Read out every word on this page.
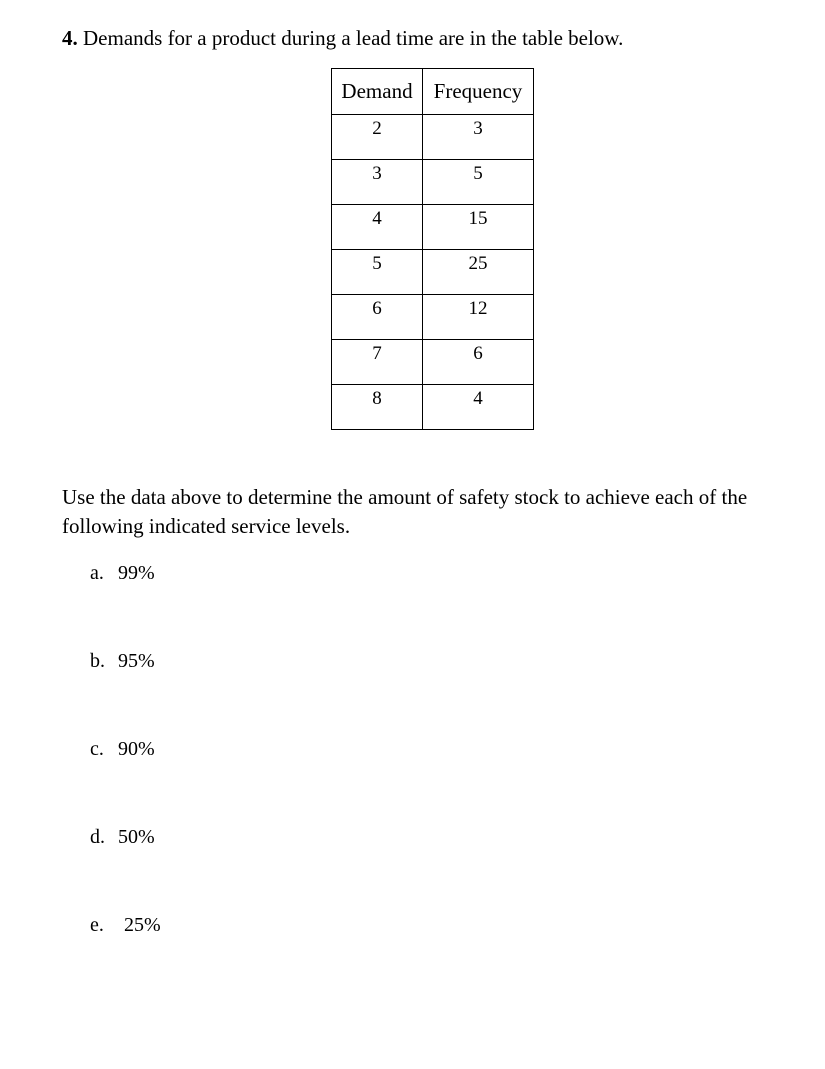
4. Demands for a product during a lead time are in the table below.
Demand	Frequency
2	3
3	5
4	15
5	25
6	12
7	6
8	4
Use the data above to determine the amount of safety stock to achieve each of the following indicated service levels.
a. 99%
b. 95%
c. 90%
d. 50%
e. 25%
